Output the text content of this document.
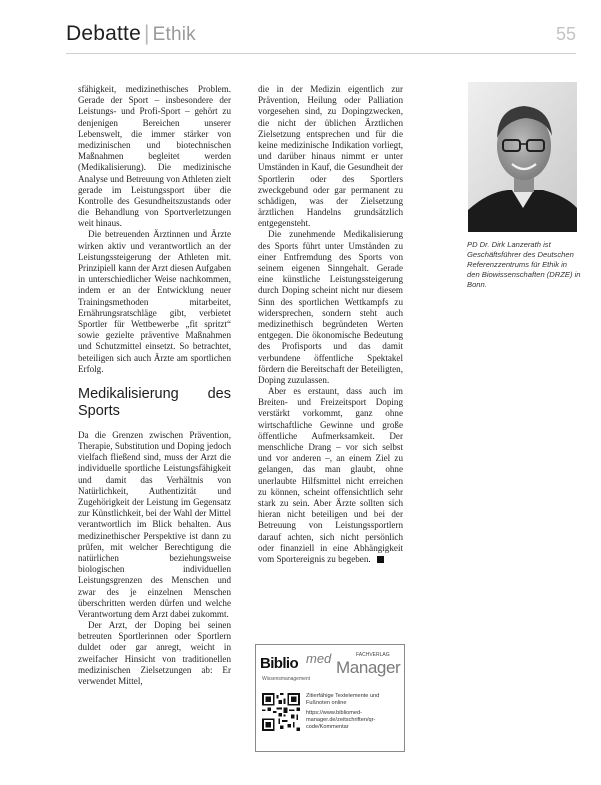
Debatte | Ethik	55

sfähigkeit, medizinethisches Problem. Gerade der Sport – insbesondere der Leistungs- und Profi-Sport – gehört zu denjenigen Bereichen unserer Lebenswelt, die immer stärker von medizinischen und biotechnischen Maßnahmen begleitet werden (Medikalisierung). Die medizinische Analyse und Betreuung von Athleten zielt gerade im Leistungssport über die Kontrolle des Gesundheitszustands oder die Behandlung von Sportverletzungen weit hinaus.

Die betreuenden Ärztinnen und Ärzte wirken aktiv und verantwortlich an der Leistungssteigerung der Athleten mit. Prinzipiell kann der Arzt diesen Aufgaben in unterschiedlicher Weise nachkommen, indem er an der Entwicklung neuer Trainingsmethoden mitarbeitet, Ernährungsratschläge gibt, verbietet Sportler für Wettbewerbe „fit spritzt“ sowie gezielte präventive Maßnahmen und Schutzmittel einsetzt. So betrachtet, beteiligen sich auch Ärzte am sportlichen Erfolg.

Medikalisierung des Sports

Da die Grenzen zwischen Prävention, Therapie, Substitution und Doping jedoch vielfach fließend sind, muss der Arzt die individuelle sportliche Leistungsfähigkeit und damit das Verhältnis von Natürlichkeit, Authentizität und Zugehörigkeit der Leistung im Gegensatz zur Künstlichkeit, bei der Wahl der Mittel verantwortlich im Blick behalten. Aus medizinethischer Perspektive ist dann zu prüfen, mit welcher Berechtigung die natürlichen beziehungsweise biologischen individuellen Leistungsgrenzen des Menschen und zwar des je einzelnen Menschen überschritten werden dürfen und welche Verantwortung dem Arzt dabei zukommt.

Der Arzt, der Doping bei seinen betreuten Sportlerinnen oder Sportlern duldet oder gar anregt, weicht in zweifacher Hinsicht von traditionellen medizinischen Zielsetzungen ab: Er verwendet Mittel,

die in der Medizin eigentlich zur Prävention, Heilung oder Palliation vorgesehen sind, zu Dopingzwecken, die nicht der üblichen Ärztlichen Zielsetzung entsprechen und für die keine medizinische Indikation vorliegt, und darüber hinaus nimmt er unter Umständen in Kauf, die Gesundheit der Sportlerin oder des Sportlers zweckgebund oder gar permanent zu schädigen, was der Zielsetzung ärztlichen Handelns grundsätzlich entgegensteht.

Die zunehmende Medikalisierung des Sports führt unter Umständen zu einer Entfremdung des Sports von seinem eigenen Sinngehalt. Gerade eine künstliche Leistungssteigerung durch Doping scheint nicht nur diesem Sinn des sportlichen Wettkampfs zu widersprechen, sondern steht auch medizinethisch begründeten Werten entgegen. Die ökonomische Bedeutung des Profisports und das damit verbundene öffentliche Spektakel fördern die Bereitschaft der Beteiligten, Doping zuzulassen.

Aber es erstaunt, dass auch im Breiten- und Freizeitsport Doping verstärkt vorkommt, ganz ohne wirtschaftliche Gewinne und große öffentliche Aufmerksamkeit. Der menschliche Drang – vor sich selbst und vor anderen –, an einem Ziel zu gelangen, das man glaubt, ohne unerlaubte Hilfsmittel nicht erreichen zu können, scheint offensichtlich sehr stark zu sein. Aber Ärzte sollten sich hieran nicht beteiligen und bei der Betreuung von Leistungssportlern darauf achten, sich nicht persönlich oder finanziell in eine Abhängigkeit vom Sportereignis zu begeben.

PD Dr. Dirk Lanzerath ist Geschäftsführer des Deutschen Referenzzentrums für Ethik in den Biowissenschaften (DRZE) in Bonn.
Biblio med Manager
FACHVERLAG
Wissensmanagement

Zitierfähige Textelemente und Fußnoten online

https://www.bibliomed-manager.de/zeitschriften/qr-code/Kommentar
